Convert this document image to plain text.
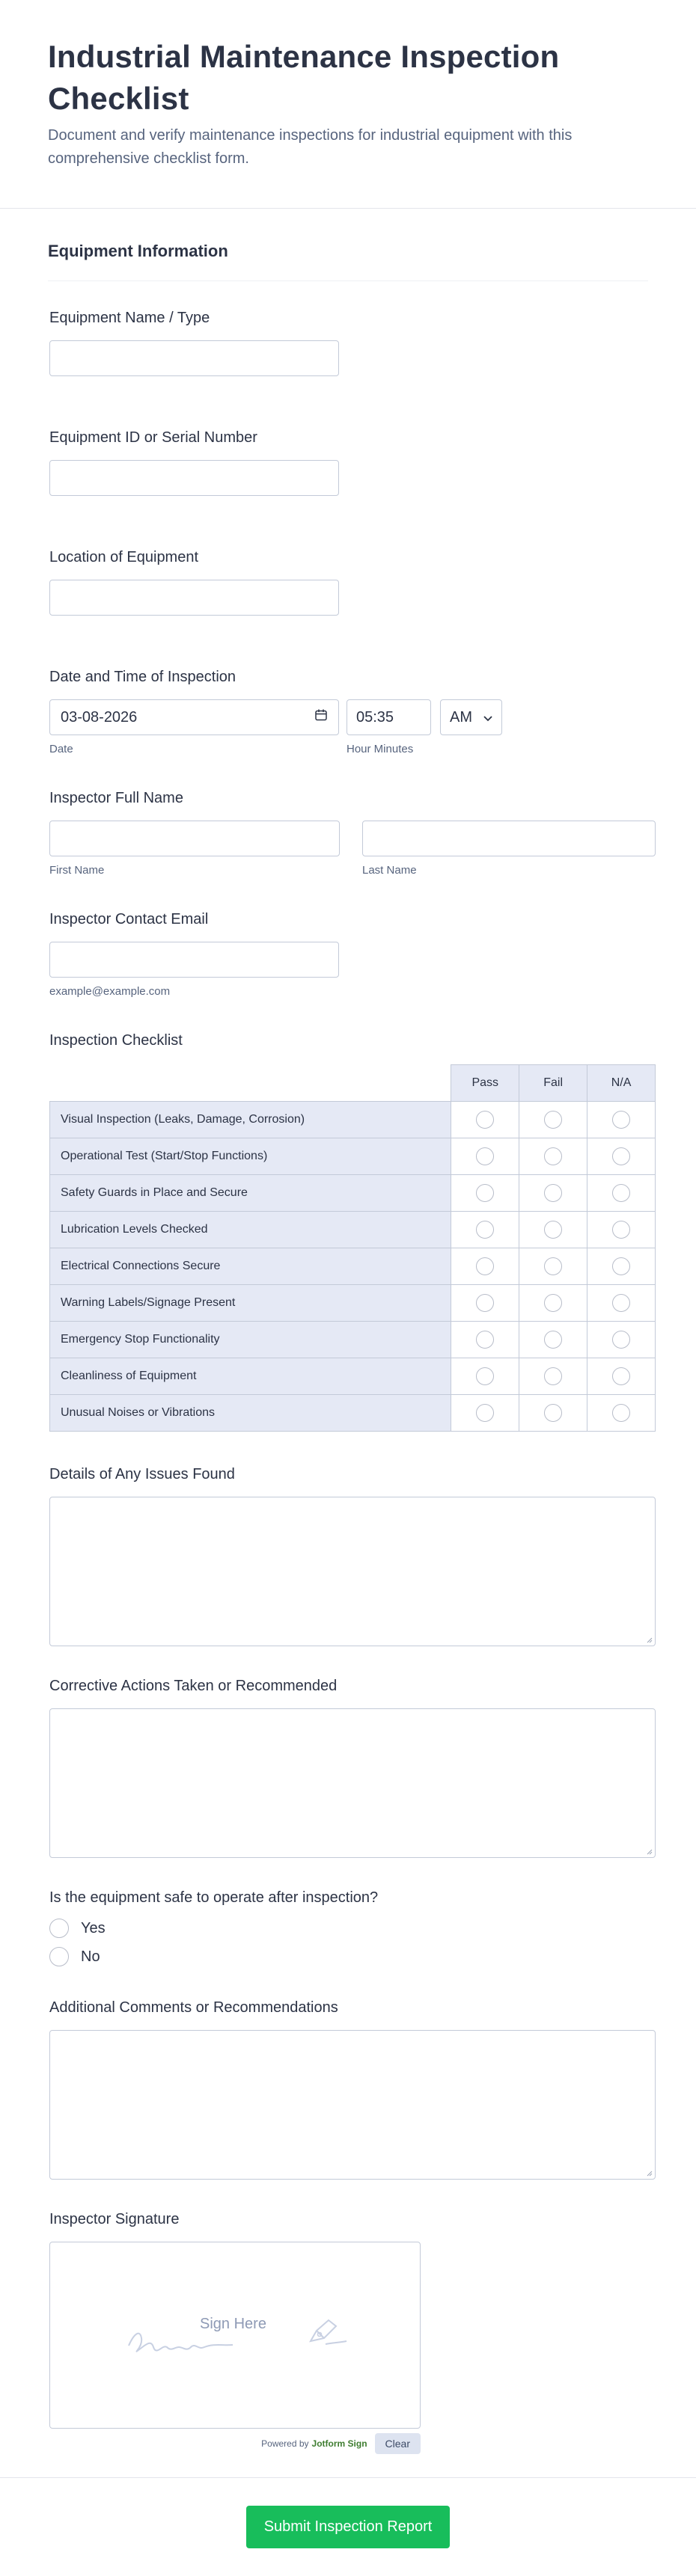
Industrial Maintenance Inspection Checklist

Document and verify maintenance inspections for industrial equipment with this comprehensive checklist form.

Equipment Information
Equipment Name / Type
Equipment ID or Serial Number
Location of Equipment
Date and Time of Inspection
03-08-2026
Date
05:35	AM
Hour Minutes
Inspector Full Name
First Name	Last Name
Inspector Contact Email
example@example.com
Inspection Checklist
	Pass	Fail	N/A
Visual Inspection (Leaks, Damage, Corrosion)			
Operational Test (Start/Stop Functions)			
Safety Guards in Place and Secure			
Lubrication Levels Checked			
Electrical Connections Secure			
Warning Labels/Signage Present			
Emergency Stop Functionality			
Cleanliness of Equipment			
Unusual Noises or Vibrations			
Details of Any Issues Found
Corrective Actions Taken or Recommended
Is the equipment safe to operate after inspection?
Yes
No
Additional Comments or Recommendations
Inspector Signature
Sign Here
Powered by Jotform Sign	Clear
Submit Inspection Report
